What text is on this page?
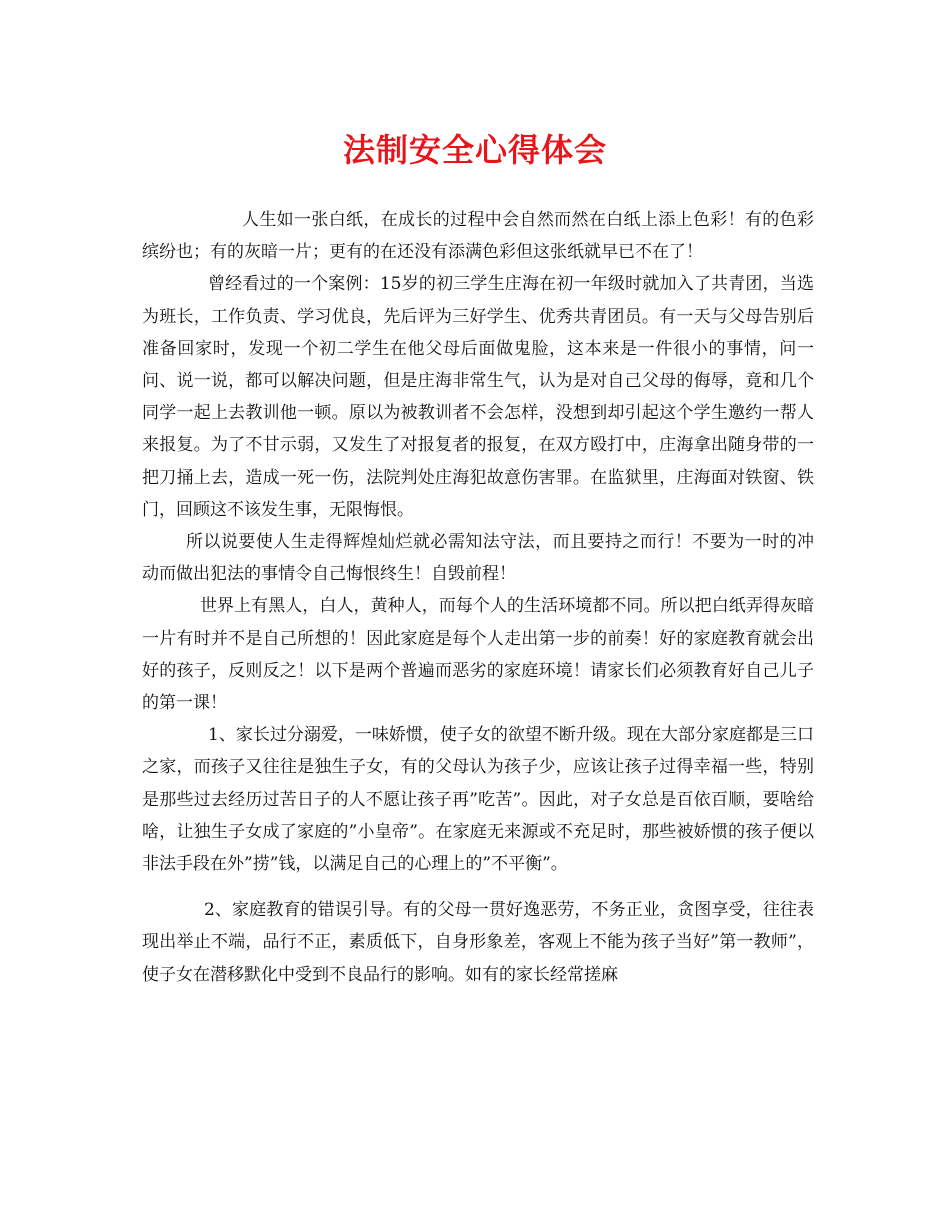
法制安全心得体会

人生如一张白纸，在成长的过程中会自然而然在白纸上添上色彩！有的色彩缤纷也；有的灰暗一片；更有的在还没有添满色彩但这张纸就早已不在了！

曾经看过的一个案例：15岁的初三学生庄海在初一年级时就加入了共青团，当选为班长，工作负责、学习优良，先后评为三好学生、优秀共青团员。有一天与父母告别后准备回家时，发现一个初二学生在他父母后面做鬼脸，这本来是一件很小的事情，问一问、说一说，都可以解决问题，但是庄海非常生气，认为是对自己父母的侮辱，竟和几个同学一起上去教训他一顿。原以为被教训者不会怎样，没想到却引起这个学生邀约一帮人来报复。为了不甘示弱，又发生了对报复者的报复，在双方殴打中，庄海拿出随身带的一把刀捅上去，造成一死一伤，法院判处庄海犯故意伤害罪。在监狱里，庄海面对铁窗、铁门，回顾这不该发生事，无限悔恨。

所以说要使人生走得辉煌灿烂就必需知法守法，而且要持之而行！不要为一时的冲动而做出犯法的事情令自己悔恨终生！自毁前程！

世界上有黑人，白人，黄种人，而每个人的生活环境都不同。所以把白纸弄得灰暗一片有时并不是自己所想的！因此家庭是每个人走出第一步的前奏！好的家庭教育就会出好的孩子，反则反之！以下是两个普遍而恶劣的家庭环境！请家长们必须教育好自己儿子的第一课！

1、家长过分溺爱，一味娇惯，使子女的欲望不断升级。现在大部分家庭都是三口之家，而孩子又往往是独生子女，有的父母认为孩子少，应该让孩子过得幸福一些，特别是那些过去经历过苦日子的人不愿让孩子再”吃苦”。因此，对子女总是百依百顺，要啥给啥，让独生子女成了家庭的”小皇帝”。在家庭无来源或不充足时，那些被娇惯的孩子便以非法手段在外”捞”钱，以满足自己的心理上的”不平衡”。

2、家庭教育的错误引导。有的父母一贯好逸恶劳，不务正业，贪图享受，往往表现出举止不端，品行不正，素质低下，自身形象差，客观上不能为孩子当好”第一教师”，使子女在潜移默化中受到不良品行的影响。如有的家长经常搓麻
